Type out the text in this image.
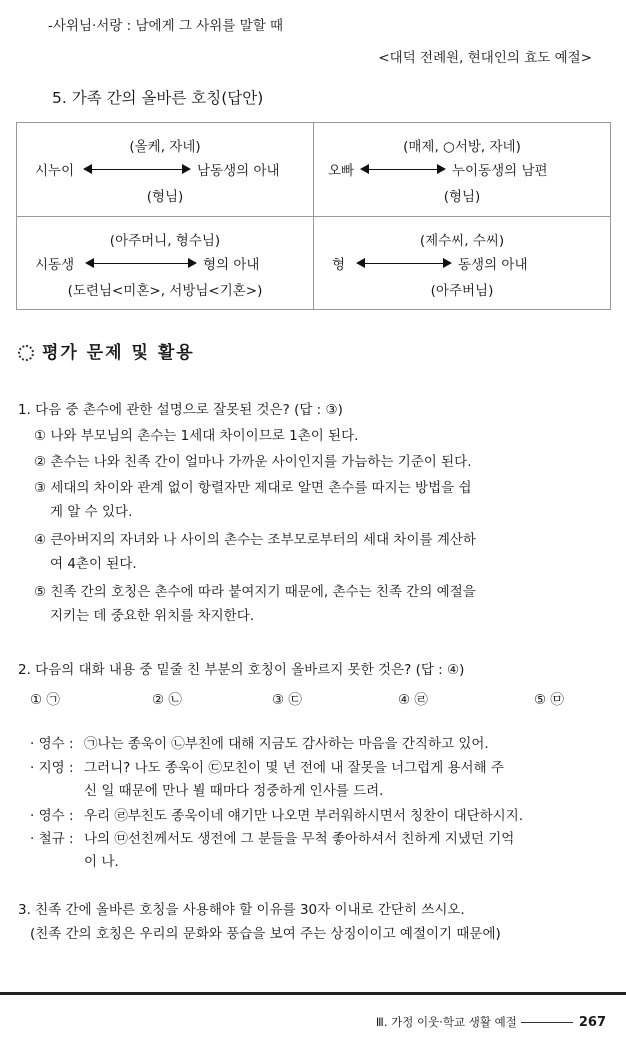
-사위님·서랑 : 남에게 그 사위를 말할 때
<대덕 전례원, 현대인의 효도 예절>
5. 가족 간의 올바른 호칭(답안)
(올케, 자네)
시누이	남동생의 아내
(형님)
(매제, ○서방, 자네)
오빠	누이동생의 남편
(형님)
(아주머니, 형수님)
시동생	형의 아내
(도련님<미혼>, 서방님<기혼>)
(제수씨, 수씨)
형	동생의 아내
(아주버님)
평가 문제 및 활용
1. 다음 중 촌수에 관한 설명으로 잘못된 것은? (답 : ③)
① 나와 부모님의 촌수는 1세대 차이이므로 1촌이 된다.
② 촌수는 나와 친족 간이 얼마나 가까운 사이인지를 가늠하는 기준이 된다.
③ 세대의 차이와 관계 없이 항렬자만 제대로 알면 촌수를 따지는 방법을 쉽
게 알 수 있다.
④ 큰아버지의 자녀와 나 사이의 촌수는 조부모로부터의 세대 차이를 계산하
여 4촌이 된다.
⑤ 친족 간의 호칭은 촌수에 따라 붙여지기 때문에, 촌수는 친족 간의 예절을
지키는 데 중요한 위치를 차지한다.
2. 다음의 대화 내용 중 밑줄 친 부분의 호칭이 올바르지 못한 것은? (답 : ④)
① ㉠	② ㉡	③ ㉢	④ ㉣	⑤ ㉤
· 영수 : ㉠나는 종욱이 ㉡부친에 대해 지금도 감사하는 마음을 간직하고 있어.
· 지영 : 그러니? 나도 종욱이 ㉢모친이 몇 년 전에 내 잘못을 너그럽게 용서해 주
신 일 때문에 만나 뵐 때마다 정중하게 인사를 드려.
· 영수 : 우리 ㉣부친도 종욱이네 얘기만 나오면 부러워하시면서 칭찬이 대단하시지.
· 철규 : 나의 ㉤선친께서도 생전에 그 분들을 무척 좋아하셔서 친하게 지냈던 기억
이 나.
3. 친족 간에 올바른 호칭을 사용해야 할 이유를 30자 이내로 간단히 쓰시오.
(친족 간의 호칭은 우리의 문화와 풍습을 보여 주는 상징이이고 예절이기 때문에)
Ⅲ. 가정 이웃·학교 생활 예절	267
